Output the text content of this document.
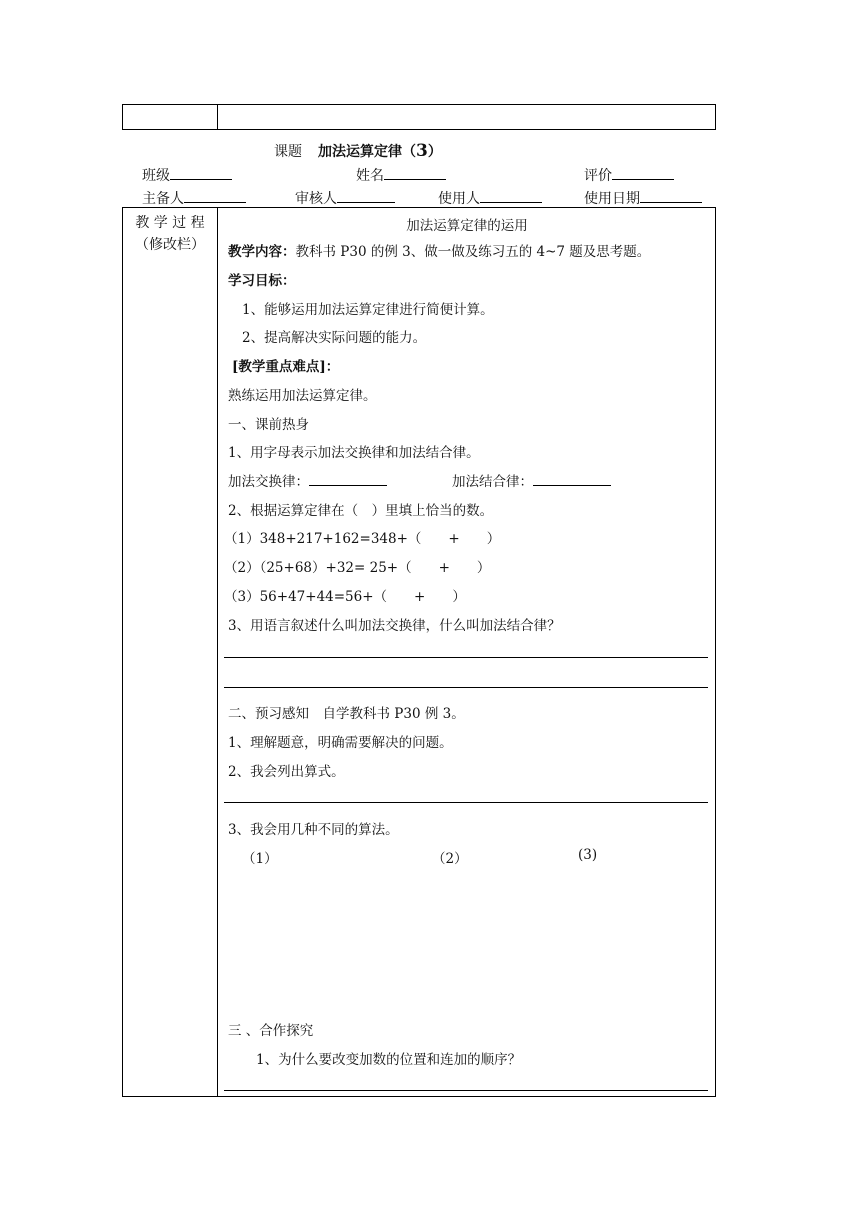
课题 加法运算定律（3）
班级	姓名	评价
主备人	审核人	使用人	使用日期
教 学 过 程
（修改栏）
加法运算定律的运用
教学内容：教科书 P30 的例 3、做一做及练习五的 4~7 题及思考题。
学习目标：
1、能够运用加法运算定律进行简便计算。
2、提高解决实际问题的能力。
[教学重点难点]：
熟练运用加法运算定律。
一、课前热身
1、用字母表示加法交换律和加法结合律。
加法交换律：	加法结合律：
2、根据运算定律在（　）里填上恰当的数。
（1）348+217+162=348+（　　+　　）
（2）（25+68）+32= 25+（　　+　　）
（3）56+47+44=56+（　　+　　）
3、用语言叙述什么叫加法交换律，什么叫加法结合律？
二、预习感知　自学教科书 P30 例 3。
1、理解题意，明确需要解决的问题。
2、我会列出算式。
3、我会用几种不同的算法。
（1）	（2）	(3)
三 、合作探究
1、为什么要改变加数的位置和连加的顺序？
